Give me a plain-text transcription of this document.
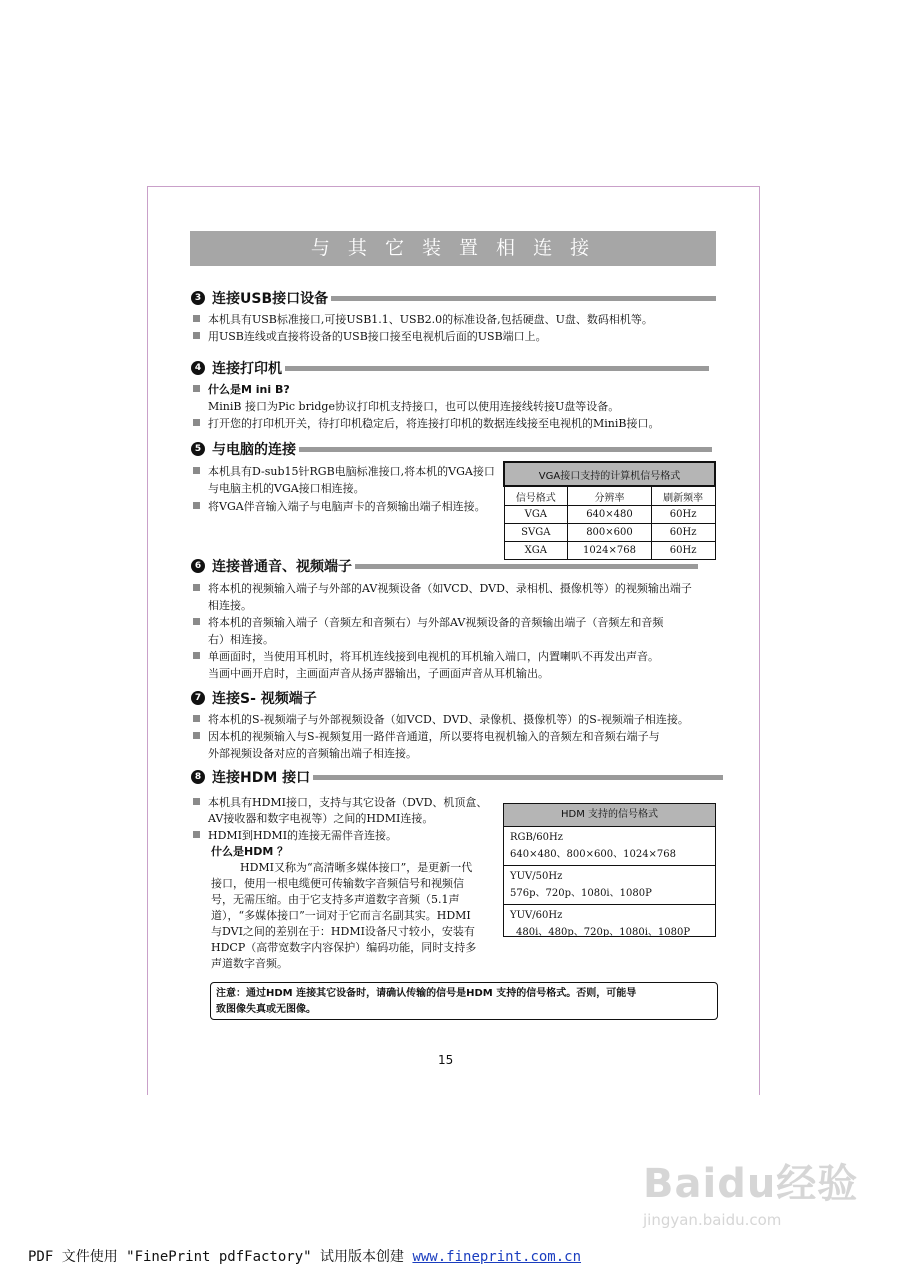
与 其 它 装 置 相 连 接
3 连接USB接口设备
本机具有USB标准接口,可接USB1.1、USB2.0的标准设备,包括硬盘、U盘、数码相机等。
用USB连线或直接将设备的USB接口接至电视机后面的USB端口上。
4 连接打印机
什么是M ini B?
MiniB 接口为Pic bridge协议打印机支持接口，也可以使用连接线转接U盘等设备。
打开您的打印机开关，待打印机稳定后，将连接打印机的数据连线接至电视机的MiniB接口。
5 与电脑的连接
本机具有D-sub15针RGB电脑标准接口,将本机的VGA接口
与电脑主机的VGA接口相连接。
将VGA伴音输入端子与电脑声卡的音频输出端子相连接。
VGA接口支持的计算机信号格式		
信号格式	分辨率	刷新频率
VGA	640×480	60Hz
SVGA	800×600	60Hz
XGA	1024×768	60Hz
6 连接普通音、视频端子
将本机的视频输入端子与外部的AV视频设备（如VCD、DVD、录相机、摄像机等）的视频输出端子
相连接。
将本机的音频输入端子（音频左和音频右）与外部AV视频设备的音频输出端子（音频左和音频
右）相连接。
单画面时，当使用耳机时，将耳机连线接到电视机的耳机输入端口，内置喇叭不再发出声音。
当画中画开启时，主画面声音从扬声器输出，子画面声音从耳机输出。
7 连接S- 视频端子
将本机的S-视频端子与外部视频设备（如VCD、DVD、录像机、摄像机等）的S-视频端子相连接。
因本机的视频输入与S-视频复用一路伴音通道，所以要将电视机输入的音频左和音频右端子与
外部视频设备对应的音频输出端子相连接。
8 连接HDM 接口
本机具有HDMI接口，支持与其它设备（DVD、机顶盒、
AV接收器和数字电视等）之间的HDMI连接。
HDMI到HDMI的连接无需伴音连接。
什么是HDM ？
HDMI又称为“高清晰多媒体接口”，是更新一代
接口，使用一根电缆便可传输数字音频信号和视频信
号，无需压缩。由于它支持多声道数字音频（5.1声
道），“多媒体接口”一词对于它而言名副其实。HDMI
与DVI之间的差别在于：HDMI设备尺寸较小，安装有
HDCP（高带宽数字内容保护）编码功能，同时支持多
声道数字音频。
HDM 支持的信号格式
RGB/60Hz
640×480、800×600、1024×768
YUV/50Hz
576p、720p、1080i、1080P
YUV/60Hz
480i、480p、720p、1080i、1080P
注意：通过HDM 连接其它设备时，请确认传输的信号是HDM 支持的信号格式。否则，可能导
致图像失真或无图像。
15
Baidu经验
jingyan.baidu.com
PDF 文件使用 "FinePrint pdfFactory" 试用版本创建 www.fineprint.com.cn
